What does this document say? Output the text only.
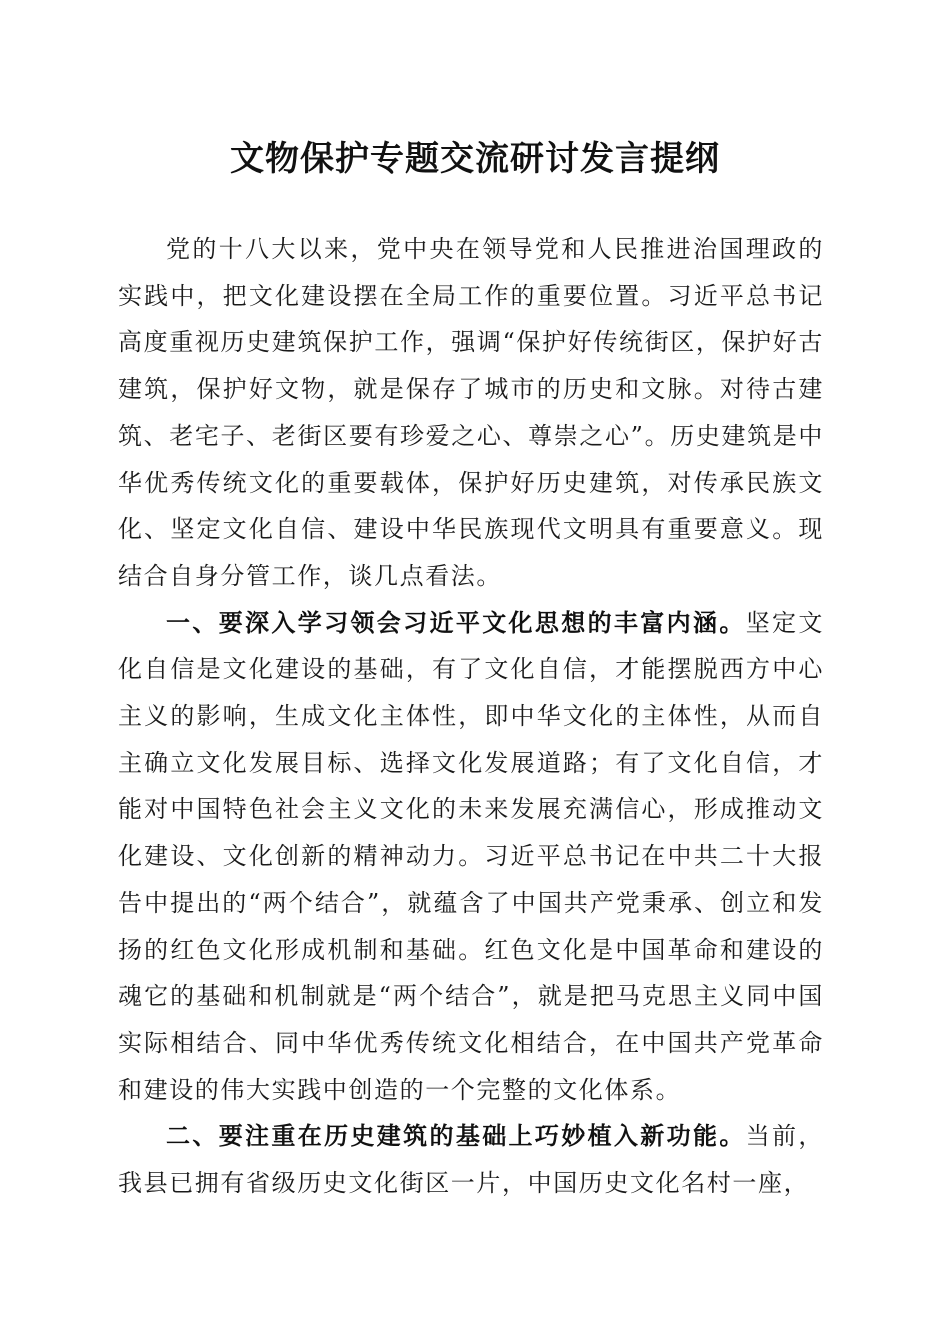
文物保护专题交流研讨发言提纲

党的十八大以来，党中央在领导党和人民推进治国理政的实践中，把文化建设摆在全局工作的重要位置。习近平总书记高度重视历史建筑保护工作，强调“保护好传统街区，保护好古建筑，保护好文物，就是保存了城市的历史和文脉。对待古建筑、老宅子、老街区要有珍爱之心、尊崇之心”。历史建筑是中华优秀传统文化的重要载体，保护好历史建筑，对传承民族文化、坚定文化自信、建设中华民族现代文明具有重要意义。现结合自身分管工作，谈几点看法。

一、要深入学习领会习近平文化思想的丰富内涵。坚定文化自信是文化建设的基础，有了文化自信，才能摆脱西方中心主义的影响，生成文化主体性，即中华文化的主体性，从而自主确立文化发展目标、选择文化发展道路；有了文化自信，才能对中国特色社会主义文化的未来发展充满信心，形成推动文化建设、文化创新的精神动力。习近平总书记在中共二十大报告中提出的“两个结合”，就蕴含了中国共产党秉承、创立和发扬的红色文化形成机制和基础。红色文化是中国革命和建设的魂它的基础和机制就是“两个结合”，就是把马克思主义同中国实际相结合、同中华优秀传统文化相结合，在中国共产党革命和建设的伟大实践中创造的一个完整的文化体系。

二、要注重在历史建筑的基础上巧妙植入新功能。当前，我县已拥有省级历史文化街区一片，中国历史文化名村一座，
